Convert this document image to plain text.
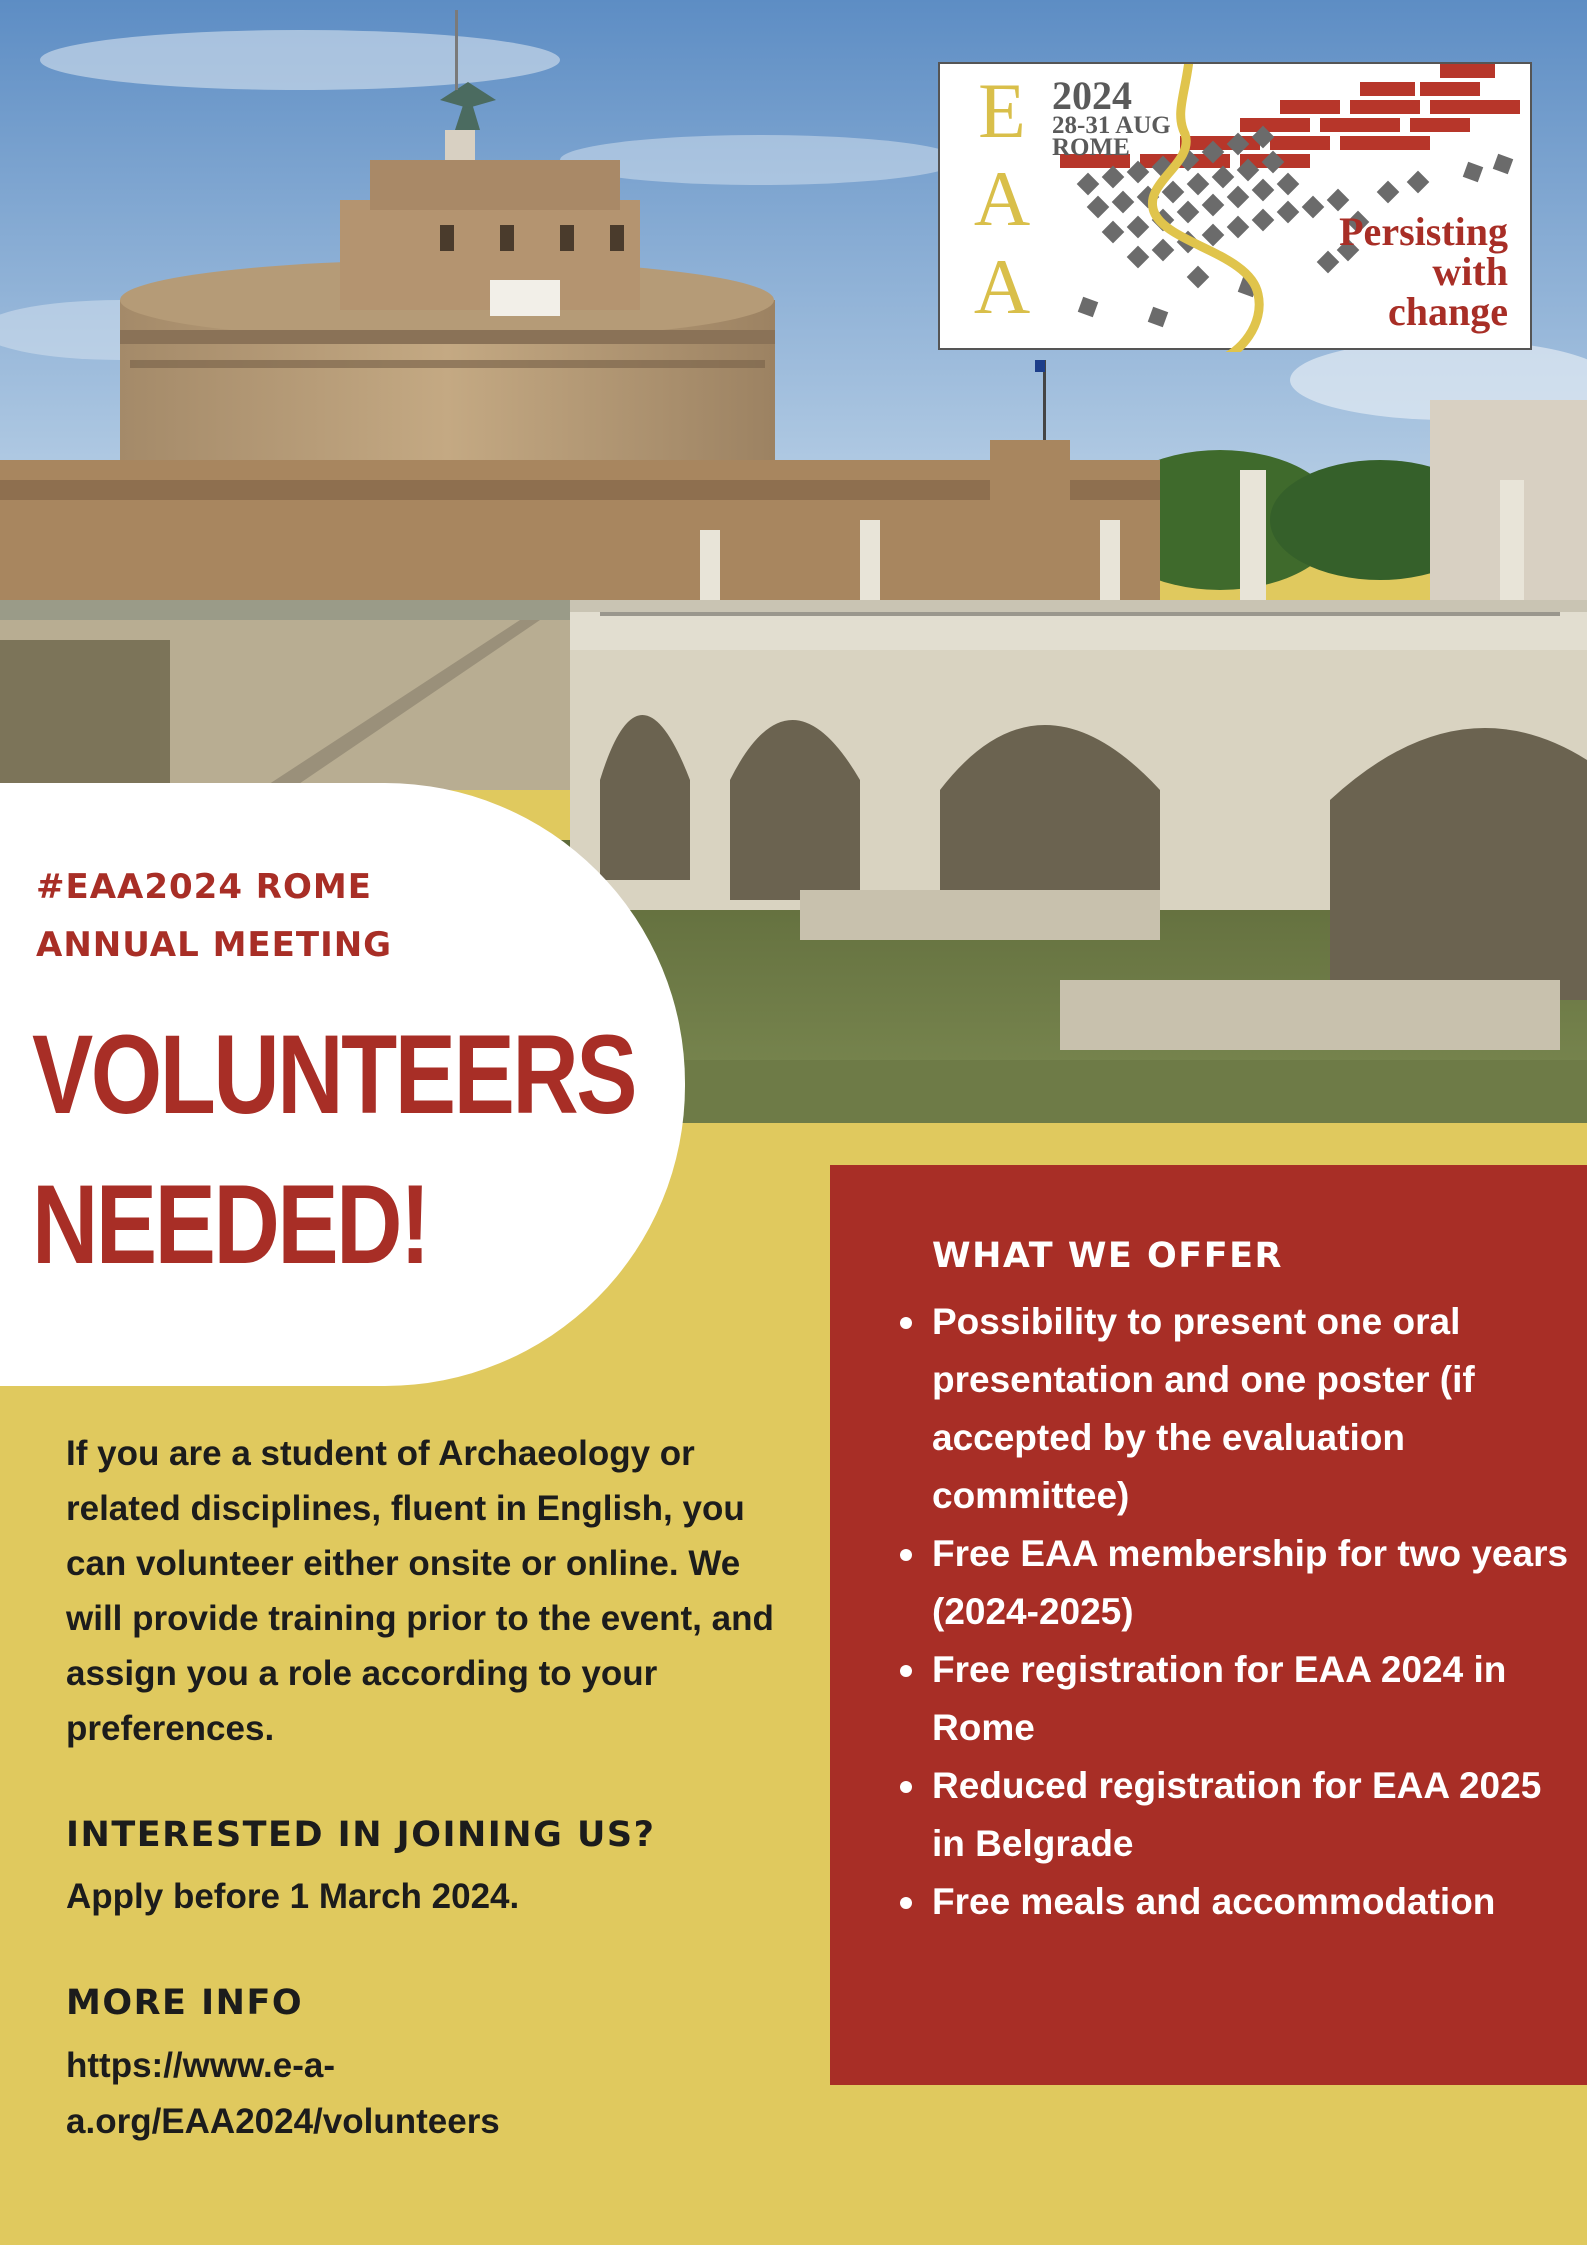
E
A
A
2024
28-31 AUG
ROME
Persisting
with
change
#EAA2024 ROME
ANNUAL MEETING
VOLUNTEERS
NEEDED!
If you are a student of Archaeology or related disciplines, fluent in English, you can volunteer either onsite or online. We will provide training prior to the event, and assign you a role according to your preferences.
INTERESTED IN JOINING US?
Apply before 1 March 2024.
MORE INFO
https://www.e-a-
a.org/EAA2024/volunteers
WHAT WE OFFER
Possibility to present one oral presentation and one poster (if accepted by the evaluation committee)
Free EAA membership for two years (2024-2025)
Free registration for EAA 2024 in Rome
Reduced registration for EAA 2025 in Belgrade
Free meals and accommodation
